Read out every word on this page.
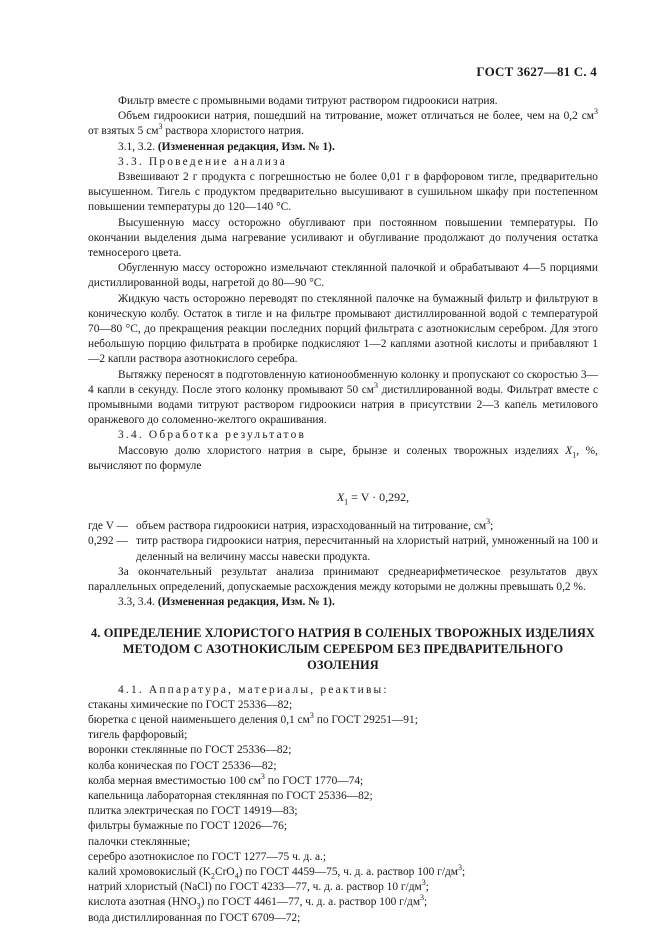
ГОСТ 3627—81 С. 4

Фильтр вместе с промывными водами титруют раствором гидроокиси натрия.

Объем гидроокиси натрия, пошедший на титрование, может отличаться не более, чем на 0,2 $см^3$ от взятых 5 $см^3$ раствора хлористого натрия.

3.1, 3.2. (Измененная редакция, Изм. № 1).

3.3. Проведение анализа

Взвешивают 2 г продукта с погрешностью не более 0,01 г в фарфоровом тигле, предварительно высушенном. Тигель с продуктом предварительно высушивают в сушильном шкафу при постепенном повышении температуры до 120—140 °С.

Высушенную массу осторожно обугливают при постоянном повышении температуры. По окончании выделения дыма нагревание усиливают и обугливание продолжают до получения остатка темносерого цвета.

Обугленную массу осторожно измельчают стеклянной палочкой и обрабатывают 4—5 порциями дистиллированной воды, нагретой до 80—90 °С.

Жидкую часть осторожно переводят по стеклянной палочке на бумажный фильтр и фильтруют в коническую колбу. Остаток в тигле и на фильтре промывают дистиллированной водой с температурой 70—80 °С, до прекращения реакции последних порций фильтрата с азотнокислым серебром. Для этого небольшую порцию фильтрата в пробирке подкисляют 1—2 каплями азотной кислоты и прибавляют 1—2 капли раствора азотнокислого серебра.

Вытяжку переносят в подготовленную катионообменную колонку и пропускают со скоростью 3—4 капли в секунду. После этого колонку промывают 50 $см^3$ дистиллированной воды. Фильтрат вместе с промывными водами титруют раствором гидроокиси натрия в присутствии 2—3 капель метилового оранжевого до соломенно-желтого окрашивания.

3.4. Обработка результатов

Массовую долю хлористого натрия в сыре, брынзе и соленых творожных изделиях $X_1$, %, вычисляют по формуле

$X_1 = V \cdot 0,292$,
где V — объем раствора гидроокиси натрия, израсходованный на титрование, $см^3$;
0,292 — титр раствора гидроокиси натрия, пересчитанный на хлористый натрий, умноженный на 100 и деленный на величину массы навески продукта.

За окончательный результат анализа принимают среднеарифметическое результатов двух параллельных определений, допускаемые расхождения между которыми не должны превышать 0,2 %.

3.3, 3.4. (Измененная редакция, Изм. № 1).

4. ОПРЕДЕЛЕНИЕ ХЛОРИСТОГО НАТРИЯ В СОЛЕНЫХ ТВОРОЖНЫХ ИЗДЕЛИЯХ
МЕТОДОМ С АЗОТНОКИСЛЫМ СЕРЕБРОМ БЕЗ ПРЕДВАРИТЕЛЬНОГО ОЗОЛЕНИЯ

4.1. Аппаратура, материалы, реактивы:

стаканы химические по ГОСТ 25336—82;
бюретка с ценой наименьшего деления 0,1 $см^3$ по ГОСТ 29251—91;
тигель фарфоровый;
воронки стеклянные по ГОСТ 25336—82;
колба коническая по ГОСТ 25336—82;
колба мерная вместимостью 100 $см^3$ по ГОСТ 1770—74;
капельница лабораторная стеклянная по ГОСТ 25336—82;
плитка электрическая по ГОСТ 14919—83;
фильтры бумажные по ГОСТ 12026—76;
палочки стеклянные;
серебро азотнокислое по ГОСТ 1277—75 ч. д. а.;
калий хромовокислый $(K_2CrO_4)$ по ГОСТ 4459—75, ч. д. а. раствор 100 $г/дм^3$;
натрий хлористый (NaCl) по ГОСТ 4233—77, ч. д. а. раствор 10 $г/дм^3$;
кислота азотная $(HNO_3)$ по ГОСТ 4461—77, ч. д. а. раствор 100 $г/дм^3$;
вода дистиллированная по ГОСТ 6709—72;
